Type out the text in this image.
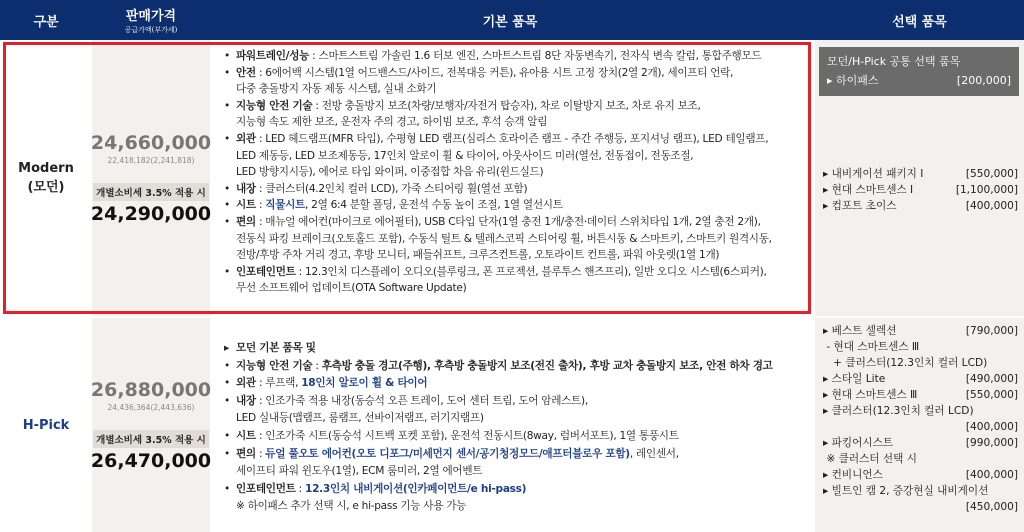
구분	판매가격
공급가액(부가세)
기본 품목	선택 품목
Modern
(모던)
24,660,000
22,418,182(2,241,818)
개별소비세 3.5% 적용 시
24,290,000
• 파워트레인/성능 : 스마트스트림 가솔린 1.6 터보 엔진, 스마트스트림 8단 자동변속기, 전자식 변속 칼럼, 통합주행모드
• 안전 : 6에어백 시스템(1열 어드밴스드/사이드, 전복대응 커튼), 유아용 시트 고정 장치(2열 2개), 세이프티 언락,
다중 충돌방지 자동 제동 시스템, 실내 소화기
• 지능형 안전 기술 : 전방 충돌방지 보조(차량/보행자/자전거 탑승자), 차로 이탈방지 보조, 차로 유지 보조,
지능형 속도 제한 보조, 운전자 주의 경고, 하이빔 보조, 후석 승객 알림
• 외관 : LED 헤드램프(MFR 타입), 수평형 LED 램프(심리스 호라이즌 램프 - 주간 주행등, 포지셔닝 램프), LED 테일램프,
LED 제동등, LED 보조제동등, 17인치 알로이 휠 & 타이어, 아웃사이드 미러(열선, 전동접이, 전동조절,
LED 방향지시등), 에어로 타입 와이퍼, 이중접합 차음 유리(윈드실드)
• 내장 : 클러스터(4.2인치 컬러 LCD), 가죽 스티어링 휠(열선 포함)
• 시트 : 직물시트, 2열 6:4 분할 폴딩, 운전석 수동 높이 조절, 1열 열선시트
• 편의 : 매뉴얼 에어컨(마이크로 에어필터), USB C타입 단자(1열 충전 1개/충전·데이터 스위치타입 1개, 2열 충전 2개),
전동식 파킹 브레이크(오토홀드 포함), 수동식 틸트 & 텔레스코픽 스티어링 휠, 버튼시동 & 스마트키, 스마트키 원격시동,
전방/후방 주차 거리 경고, 후방 모니터, 패들쉬프트, 크루즈컨트롤, 오토라이트 컨트롤, 파워 아웃렛(1열 1개)
• 인포테인먼트 : 12.3인치 디스플레이 오디오(블루링크, 폰 프로젝션, 블루투스 핸즈프리), 일반 오디오 시스템(6스피커),
무선 소프트웨어 업데이트(OTA Software Update)
모던/H-Pick 공통 선택 품목
▸ 하이패스	[200,000]
▸ 내비게이션 패키지 Ⅰ	[550,000]
▸ 현대 스마트센스 Ⅰ	[1,100,000]
▸ 컴포트 초이스	[400,000]
H-Pick
26,880,000
24,436,364(2,443,636)
개별소비세 3.5% 적용 시
26,470,000
▸ 모던 기본 품목 및
• 지능형 안전 기술 : 후측방 충돌 경고(주행), 후측방 충돌방지 보조(전진 출차), 후방 교차 충돌방지 보조, 안전 하차 경고
• 외관 : 루프랙, 18인치 알로이 휠 & 타이어
• 내장 : 인조가죽 적용 내장(동승석 오픈 트레이, 도어 센터 트림, 도어 암레스트),
LED 실내등(맵램프, 룸램프, 선바이저램프, 러기지램프)
• 시트 : 인조가죽 시트(동승석 시트백 포켓 포함), 운전석 전동시트(8way, 럼버서포트), 1열 통풍시트
• 편의 : 듀얼 풀오토 에어컨(오토 디포그/미세먼지 센서/공기청정모드/애프터블로우 포함), 레인센서,
세이프티 파워 윈도우(1열), ECM 룸미러, 2열 에어벤트
• 인포테인먼트 : 12.3인치 내비게이션(인카페이먼트/e hi-pass)
※ 하이패스 추가 선택 시, e hi-pass 기능 사용 가능
▸ 베스트 셀렉션	[790,000]
- 현대 스마트센스 Ⅲ
+ 클러스터(12.3인치 컬러 LCD)
▸ 스타일 Lite	[490,000]
▸ 현대 스마트센스 Ⅲ	[550,000]
▸ 클러스터(12.3인치 컬러 LCD)
[400,000]
▸ 파킹어시스트	[990,000]
※ 클러스터 선택 시
▸ 컨비니언스	[400,000]
▸ 빌트인 캠 2, 증강현실 내비게이션
[450,000]
